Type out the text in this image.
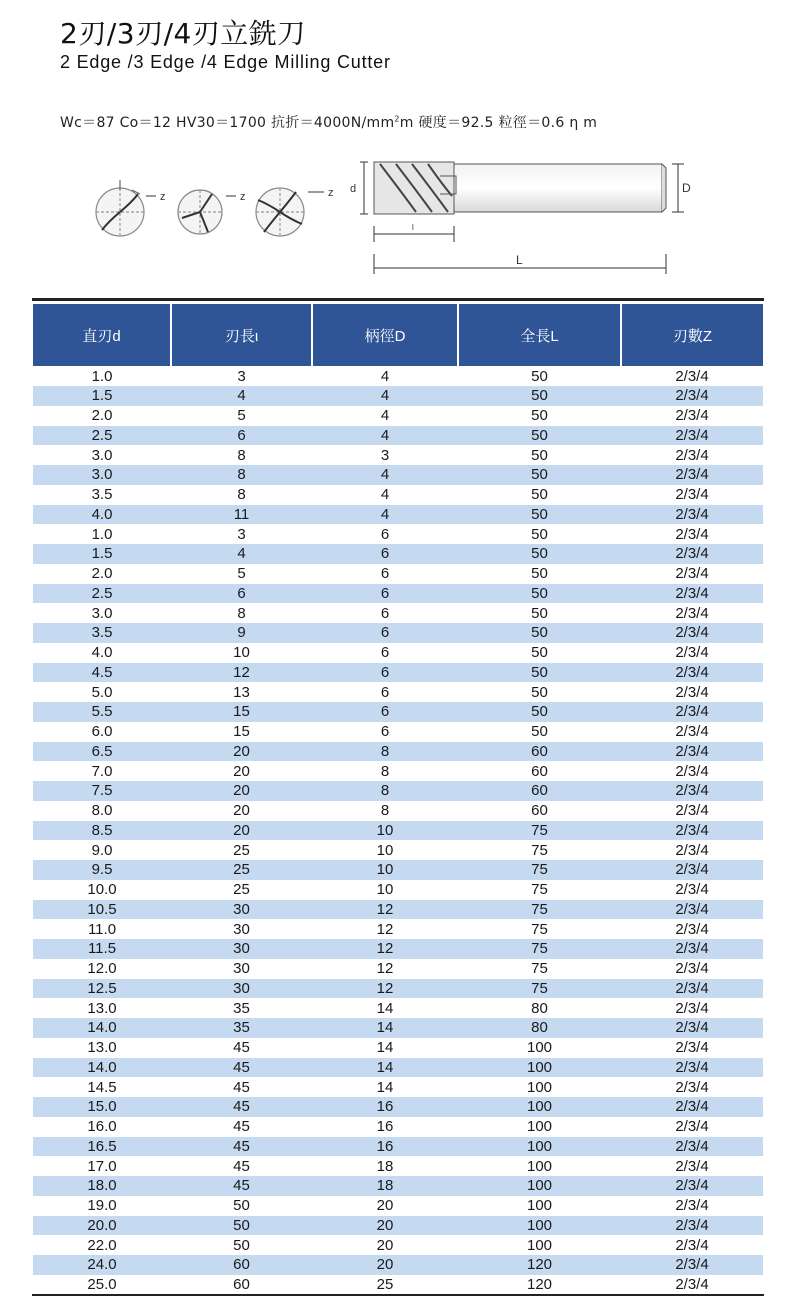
2刃/3刃/4刃立銑刀
2 Edge /3 Edge /4 Edge Milling Cutter
Wc＝87 Co＝12 HV30＝1700 抗折$=4000N/mm^2m$ 硬度＝92.5 粒徑＝0.6 η m
z	z	z d	D
l
L
直刃d	刃長ι	柄徑D	全長L	刃數Z
1.0	3	4	50	2/3/4
1.5	4	4	50	2/3/4
2.0	5	4	50	2/3/4
2.5	6	4	50	2/3/4
3.0	8	3	50	2/3/4
3.0	8	4	50	2/3/4
3.5	8	4	50	2/3/4
4.0	11	4	50	2/3/4
1.0	3	6	50	2/3/4
1.5	4	6	50	2/3/4
2.0	5	6	50	2/3/4
2.5	6	6	50	2/3/4
3.0	8	6	50	2/3/4
3.5	9	6	50	2/3/4
4.0	10	6	50	2/3/4
4.5	12	6	50	2/3/4
5.0	13	6	50	2/3/4
5.5	15	6	50	2/3/4
6.0	15	6	50	2/3/4
6.5	20	8	60	2/3/4
7.0	20	8	60	2/3/4
7.5	20	8	60	2/3/4
8.0	20	8	60	2/3/4
8.5	20	10	75	2/3/4
9.0	25	10	75	2/3/4
9.5	25	10	75	2/3/4
10.0	25	10	75	2/3/4
10.5	30	12	75	2/3/4
11.0	30	12	75	2/3/4
11.5	30	12	75	2/3/4
12.0	30	12	75	2/3/4
12.5	30	12	75	2/3/4
13.0	35	14	80	2/3/4
14.0	35	14	80	2/3/4
13.0	45	14	100	2/3/4
14.0	45	14	100	2/3/4
14.5	45	14	100	2/3/4
15.0	45	16	100	2/3/4
16.0	45	16	100	2/3/4
16.5	45	16	100	2/3/4
17.0	45	18	100	2/3/4
18.0	45	18	100	2/3/4
19.0	50	20	100	2/3/4
20.0	50	20	100	2/3/4
22.0	50	20	100	2/3/4
24.0	60	20	120	2/3/4
25.0	60	25	120	2/3/4
